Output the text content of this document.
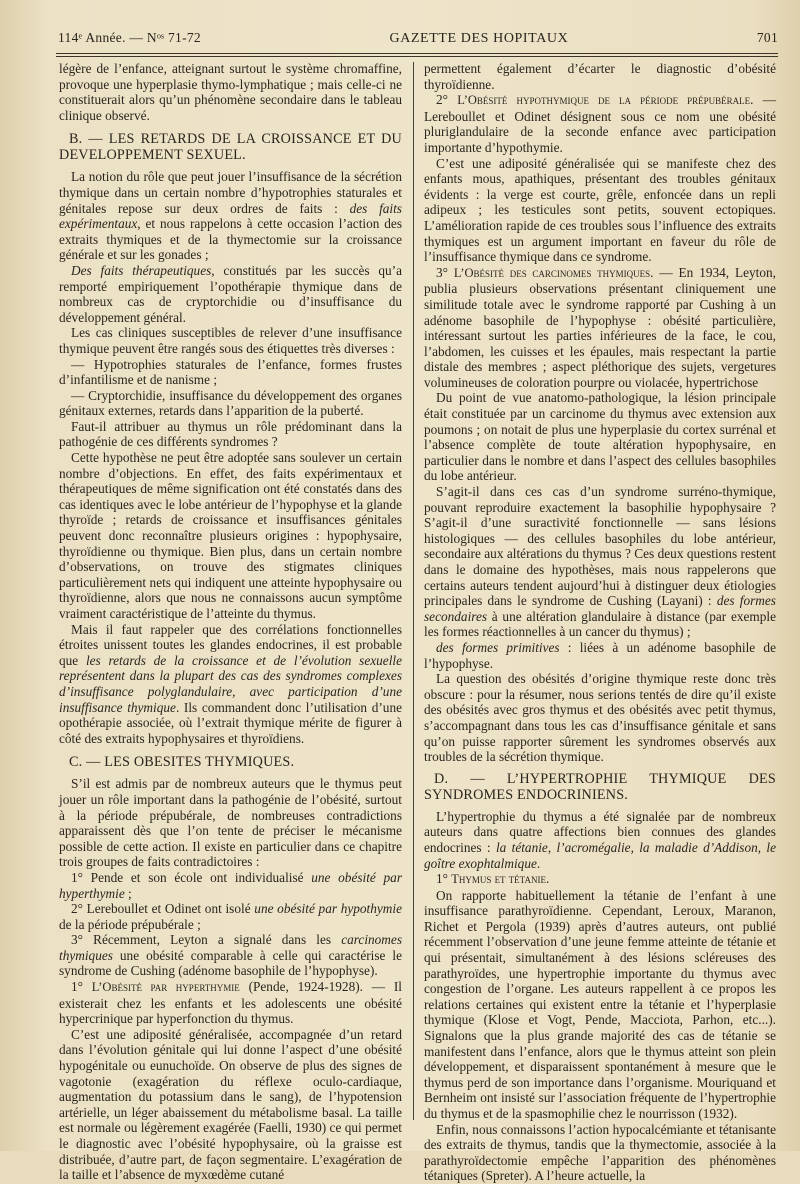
114ᵉ Année. — Nᵒˢ 71-72	GAZETTE DES HOPITAUX	701

légère de l’enfance, atteignant surtout le système chromaffine, provoque une hyperplasie thymo-lymphatique ; mais celle-ci ne constituerait alors qu’un phénomène secondaire dans le tableau clinique observé.

B. — LES RETARDS DE LA CROISSANCE ET DU DEVELOPPEMENT SEXUEL.

La notion du rôle que peut jouer l’insuffisance de la sécrétion thymique dans un certain nombre d’hypotrophies staturales et génitales repose sur deux ordres de faits : des faits expérimentaux, et nous rappelons à cette occasion l’action des extraits thymiques et de la thymectomie sur la croissance générale et sur les gonades ;

Des faits thérapeutiques, constitués par les succès qu’a remporté empiriquement l’opothérapie thymique dans de nombreux cas de cryptorchidie ou d’insuffisance du développement général.

Les cas cliniques susceptibles de relever d’une insuffisance thymique peuvent être rangés sous des étiquettes très diverses :

— Hypotrophies staturales de l’enfance, formes frustes d’infantilisme et de nanisme ;

— Cryptorchidie, insuffisance du développement des organes génitaux externes, retards dans l’apparition de la puberté.

Faut-il attribuer au thymus un rôle prédominant dans la pathogénie de ces différents syndromes ?

Cette hypothèse ne peut être adoptée sans soulever un certain nombre d’objections. En effet, des faits expérimentaux et thérapeutiques de même signification ont été constatés dans des cas identiques avec le lobe antérieur de l’hypophyse et la glande thyroïde ; retards de croissance et insuffisances génitales peuvent donc reconnaître plusieurs origines : hypophysaire, thyroïdienne ou thymique. Bien plus, dans un certain nombre d’observations, on trouve des stigmates cliniques particulièrement nets qui indiquent une atteinte hypophysaire ou thyroïdienne, alors que nous ne connaissons aucun symptôme vraiment caractéristique de l’atteinte du thymus.

Mais il faut rappeler que des corrélations fonctionnelles étroites unissent toutes les glandes endocrines, il est probable que les retards de la croissance et de l’évolution sexuelle représentent dans la plupart des cas des syndromes complexes d’insuffisance polyglandulaire, avec participation d’une insuffisance thymique. Ils commandent donc l’utilisation d’une opothérapie associée, où l’extrait thymique mérite de figurer à côté des extraits hypophysaires et thyroïdiens.

C. — LES OBESITES THYMIQUES.

S’il est admis par de nombreux auteurs que le thymus peut jouer un rôle important dans la pathogénie de l’obésité, surtout à la période prépubérale, de nombreuses contradictions apparaissent dès que l’on tente de préciser le mécanisme possible de cette action. Il existe en particulier dans ce chapitre trois groupes de faits contradictoires :

1° Pende et son école ont individualisé une obésité par hyperthymie ;

2° Lereboullet et Odinet ont isolé une obésité par hypothymie de la période prépubérale ;

3° Récemment, Leyton a signalé dans les carcinomes thymiques une obésité comparable à celle qui caractérise le syndrome de Cushing (adénome basophile de l’hypophyse).

1° L’Obésité par hyperthymie (Pende, 1924-1928). — Il existerait chez les enfants et les adolescents une obésité hypercrinique par hyperfonction du thymus.

C’est une adiposité généralisée, accompagnée d’un retard dans l’évolution génitale qui lui donne l’aspect d’une obésité hypogénitale ou eunuchoïde. On observe de plus des signes de vagotonie (exagération du réflexe oculo-cardiaque, augmentation du potassium dans le sang), de l’hypotension artérielle, un léger abaissement du métabolisme basal. La taille est normale ou légèrement exagérée (Faelli, 1930) ce qui permet le diagnostic avec l’obésité hypophysaire, où la graisse est distribuée, d’autre part, de façon segmentaire. L’exagération de la taille et l’absence de myxœdème cutané

permettent également d’écarter le diagnostic d’obésité thyroïdienne.

2° L’Obésité hypothymique de la période prépubérale. — Lereboullet et Odinet désignent sous ce nom une obésité pluriglandulaire de la seconde enfance avec participation importante d’hypothymie.

C’est une adiposité généralisée qui se manifeste chez des enfants mous, apathiques, présentant des troubles génitaux évidents : la verge est courte, grêle, enfoncée dans un repli adipeux ; les testicules sont petits, souvent ectopiques. L’amélioration rapide de ces troubles sous l’influence des extraits thymiques est un argument important en faveur du rôle de l’insuffisance thymique dans ce syndrome.

3° L’Obésité des carcinomes thymiques. — En 1934, Leyton, publia plusieurs observations présentant cliniquement une similitude totale avec le syndrome rapporté par Cushing à un adénome basophile de l’hypophyse : obésité particulière, intéressant surtout les parties inférieures de la face, le cou, l’abdomen, les cuisses et les épaules, mais respectant la partie distale des membres ; aspect pléthorique des sujets, vergetures volumineuses de coloration pourpre ou violacée, hypertrichose

Du point de vue anatomo-pathologique, la lésion principale était constituée par un carcinome du thymus avec extension aux poumons ; on notait de plus une hyperplasie du cortex surrénal et l’absence complète de toute altération hypophysaire, en particulier dans le nombre et dans l’aspect des cellules basophiles du lobe antérieur.

S’agit-il dans ces cas d’un syndrome surréno-thymique, pouvant reproduire exactement la basophilie hypophysaire ? S’agit-il d’une suractivité fonctionnelle — sans lésions histologiques — des cellules basophiles du lobe antérieur, secondaire aux altérations du thymus ? Ces deux questions restent dans le domaine des hypothèses, mais nous rappelerons que certains auteurs tendent aujourd’hui à distinguer deux étiologies principales dans le syndrome de Cushing (Layani) : des formes secondaires à une altération glandulaire à distance (par exemple les formes réactionnelles à un cancer du thymus) ;

des formes primitives : liées à un adénome basophile de l’hypophyse.

La question des obésités d’origine thymique reste donc très obscure : pour la résumer, nous serions tentés de dire qu’il existe des obésités avec gros thymus et des obésités avec petit thymus, s’accompagnant dans tous les cas d’insuffisance génitale et sans qu’on puisse rapporter sûrement les syndromes observés aux troubles de la sécrétion thymique.

D. — L’HYPERTROPHIE THYMIQUE DES SYNDROMES ENDOCRINIENS.

L’hypertrophie du thymus a été signalée par de nombreux auteurs dans quatre affections bien connues des glandes endocrines : la tétanie, l’acromégalie, la maladie d’Addison, le goître exophtalmique.

1° Thymus et tétanie.

On rapporte habituellement la tétanie de l’enfant à une insuffisance parathyroïdienne. Cependant, Leroux, Maranon, Richet et Pergola (1939) après d’autres auteurs, ont publié récemment l’observation d’une jeune femme atteinte de tétanie et qui présentait, simultanément à des lésions scléreuses des parathyroïdes, une hypertrophie importante du thymus avec congestion de l’organe. Les auteurs rappellent à ce propos les relations certaines qui existent entre la tétanie et l’hyperplasie thymique (Klose et Vogt, Pende, Macciota, Parhon, etc...). Signalons que la plus grande majorité des cas de tétanie se manifestent dans l’enfance, alors que le thymus atteint son plein développement, et disparaissent spontanément à mesure que le thymus perd de son importance dans l’organisme. Mouriquand et Bernheim ont insisté sur l’association fréquente de l’hypertrophie du thymus et de la spasmophilie chez le nourrisson (1932).

Enfin, nous connaissons l’action hypocalcémiante et tétanisante des extraits de thymus, tandis que la thymectomie, associée à la parathyroïdectomie empêche l’apparition des phénomènes tétaniques (Spreter). A l’heure actuelle, la
